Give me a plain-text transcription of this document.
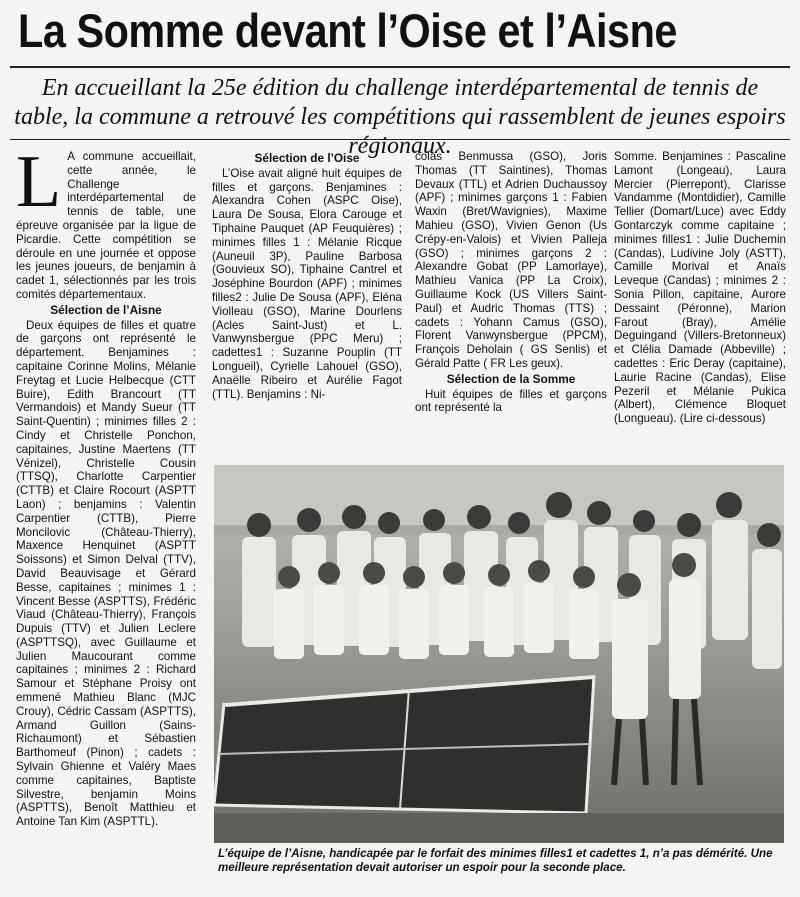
La Somme devant l’Oise et l’Aisne
En accueillant la 25e édition du challenge interdépartemental de tennis de table, la commune a retrouvé les compétitions qui rassemblent de jeunes espoirs régionaux.
L A commune accueillait, cette année, le Challenge interdépartemental de tennis de table, une épreuve organisée par la ligue de Picardie. Cette compétition se déroule en une journée et oppose les jeunes joueurs, de benjamin à cadet 1, sélectionnés par les trois comités départementaux.

Sélection de l’Aisne

Deux équipes de filles et quatre de garçons ont représenté le département. Benjamines : capitaine Corinne Molins, Mélanie Freytag et Lucie Helbecque (CTT Buire), Edith Brancourt (TT Vermandois) et Mandy Sueur (TT Saint-Quentin) ; minimes filles 2 : Cindy et Christelle Ponchon, capitaines, Justine Maertens (TT Vénizel), Christelle Cousin (TTSQ), Charlotte Carpentier (CTTB) et Claire Rocourt (ASPTT Laon) ; benjamins : Valentin Carpentier (CTTB), Pierre Moncilovic (Château-Thierry), Maxence Henquinet (ASPTT Soissons) et Simon Delval (TTV), David Beauvisage et Gérard Besse, capitaines ; minimes 1 : Vincent Besse (ASPTTS), Frédéric Viaud (Château-Thierry), François Dupuis (TTV) et Julien Leclere (ASPTTSQ), avec Guillaume et Julien Maucourant comme capitaines ; minimes 2 : Richard Samour et Stéphane Proisy ont emmené Mathieu Blanc (MJC Crouy), Cédric Cassam (ASPTTS), Armand Guillon (Sains-Richaumont) et Sébastien Barthomeuf (Pinon) ; cadets : Sylvain Ghienne et Valéry Maes comme capitaines, Baptiste Silvestre, benjamin Moins (ASPTTS), Benoît Matthieu et Antoine Tan Kim (ASPTTL).

Sélection de l’Oise

L’Oise avait aligné huit équipes de filles et garçons. Benjamines : Alexandra Cohen (ASPC Oise), Laura De Sousa, Elora Carouge et Tiphaine Pauquet (AP Feuquières) ; minimes filles 1 : Mélanie Ricque (Auneuil 3P), Pauline Barbosa (Gouvieux SO), Tiphaine Cantrel et Joséphine Bourdon (APF) ; minimes filles2 : Julie De Sousa (APF), Eléna Violleau (GSO), Marine Dourlens (Acles Saint-Just) et L. Vanwynsbergue (PPC Meru) ; cadettes1 : Suzanne Pouplin (TT Longueil), Cyrielle Lahouel (GSO), Anaëlle Ribeiro et Aurélie Fagot (TTL). Benjamins : Ni-

colas Benmussa (GSO), Joris Thomas (TT Saintines), Thomas Devaux (TTL) et Adrien Duchaussoy (APF) ; minimes garçons 1 : Fabien Waxin (Bret/Wavignies), Maxime Mahieu (GSO), Vivien Genon (Us Crépy-en-Valois) et Vivien Palleja (GSO) ; minimes garçons 2 : Alexandre Gobat (PP Lamorlaye), Mathieu Vanica (PP La Croix), Guillaume Kock (US Villers Saint-Paul) et Audric Thomas (TTS) ; cadets : Yohann Camus (GSO), Florent Vanwynsbergue (PPCM), François Deholain ( GS Senlis) et Gérald Patte ( FR Les geux).

Sélection de la Somme

Huit équipes de filles et garçons ont représenté la

Somme. Benjamines : Pascaline Lamont (Longeau), Laura Mercier (Pierrepont), Clarisse Vandamme (Montdidier), Camille Tellier (Domart/Luce) avec Eddy Gontarczyk comme capitaine ; minimes filles1 : Julie Duchemin (Candas), Ludivine Joly (ASTT), Camille Morival et Anaïs Leveque (Candas) ; minimes 2 : Sonia Pillon, capitaine, Aurore Dessaint (Péronne), Marion Farout (Bray), Amélie Deguingand (Villers-Bretonneux) et Clélia Damade (Abbeville) ; cadettes : Eric Deray (capitaine), Laurie Racine (Candas), Elise Pezeril et Mélanie Pukica (Albert), Clémence Bloquet (Longueau). (Lire ci-dessous)

L’équipe de l’Aisne, handicapée par le forfait des minimes filles1 et cadettes 1, n’a pas démérité. Une meilleure représentation devait autoriser un espoir pour la seconde place.
